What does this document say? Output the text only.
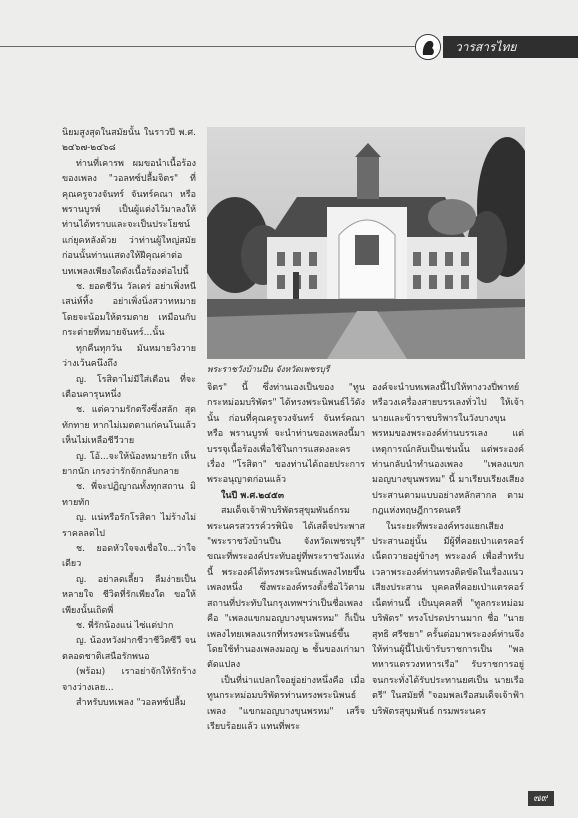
วารสารไทย

นิยมสูงสุดในสมัยนั้น ในราวปี พ.ศ. ๒๔๖๗-๒๔๖๘

ท่านที่เคารพ ผมขอนำเนื้อร้องของเพลง "วอลทซ์ปลื้มจิตร" ที่คุณครูจวงจันทร์ จันทร์คณา หรือ พรานบูรพ์ เป็นผู้แต่งไว้มาลงให้ท่านได้ทราบและจะเป็นประโยชน์แก่ยุคหลังด้วย ว่าท่านผู้ใหญ่สมัยก่อนนั้นท่านแสดงให้ฝีคุณค่าต่อบทเพลงเพียงใดดังเนื้อร้องต่อไปนี้

ช. ยอดชีวัน วัลเดร่ อย่าเพิ่งหนีเสน่ห์ทิ้ง อย่าเพิ่งนิ่งสวาทหมาย โดยจะน้อมให้ตรมตาย เหมือนกับกระต่ายที่หมายจันทร์...นั้น

ทุกคืนทุกวัน มันหมายวิงวายว่างเว้นคนึงถึง

ญ. โรสิตาไม่มีใส่เตือน ที่จะเตือนคารุนหนึ่ง

ช. แต่ความรักตรึงซึ่งสลัก สุดทักทาย หากไม่เมตตาแก่คนโนแล้วเห็นไม่เหลือชีวีวาย

ญ. โอ้...จะให้น้องหมายรัก เห็นยากนัก เกรงว่ารักจักกลับกลาย

ช. พี่จะปฏิญาณทั้งทุกสถาน มิทายทัก

ญ. แน่หรือรักโรสิตา ไม่ร้างไม่ราคลลดไป

ช. ยอดหัวใจจงเชื่อใจ...ว่าใจเดียว

ญ. อย่าลดเลี้ยว ลืมง่ายเป็นหลายใจ ชีวิตที่รักเพียงใด ขอให้เพียงนั้นเถิดพี่

ช. พี่รักน้องแน่ ไซ่แต่ปาก

ญ. น้องหวังฝากชีวาชีวิตซีวี จนตลอดชาติเสนือรักพนอ

(พร้อม) เราอย่าจักให้รักร้างจางว่างเลย...

สำหรับบทเพลง "วอลทซ์ปลื้ม

พระราชวังบ้านปืน จังหวัดเพชรบุรี

จิตร" นี้ ซึ่งท่านเองเป็นของ "ทูนกระหม่อมบริพัตร" ได้ทรงพระนิพนธ์ไว้ดังนั้น ก่อนที่คุณครูจวงจันทร์ จันทร์คณา หรือ พรานบูรพ์ จะนำท่านของเพลงนี้มาบรรจุเนื้อร้องเพื่อใช้ในการแสดงละครเรื่อง "โรสิตา" ของท่านได้ถอยประการพระอนุญาตก่อนแล้ว

ในปี พ.ศ.๒๔๕๓

สมเด็จเจ้าฟ้าบริพัตรสุขุมพันธ์กรมพระนครสวรรค์วรพินิจ ได้เสด็จประพาส "พระราชวังบ้านปืน จังหวัดเพชรบุรี" ขณะที่พระองค์ประทับอยู่ที่พระราชวังแห่งนี้ พระองค์ได้ทรงพระนิพนธ์เพลงไทยขึ้นเพลงหนึ่ง ซึ่งพระองค์ทรงตั้งชื่อไว้ตามสถานที่ประทับในกรุงเทพฯว่าเป็นชื่อเพลงคือ "เพลงแขกมอญบางขุนพรหม" ก็เป็นเพลงไทยเพลงแรกที่ทรงพระนิพนธ์ขึ้น โดยใช้ทำนองเพลงมอญ ๒ ชั้นของเก่ามาตัดแปลง

เป็นที่น่าแปลกใจอยู่อย่างหนึ่งคือ เมื่อทูนกระหม่อมบริพัตรท่านทรงพระนิพนธ์เพลง "แขกมอญบางขุนพรหม" เสร็จเรียบร้อยแล้ว แทนที่พระ

องค์จะนำบทเพลงนี้ไปให้ทางวงปี่พาทย์หรือวงเครื่องสายบรรเลงทั่วไป ให้เจ้านายและข้าราชบริพารในวังบางขุนพรหมของพระองค์ท่านบรรเลง แต่เหตุการณ์กลับเป็นเช่นนั้น แต่พระองค์ท่านกลับนำทำนองเพลง "เพลงแขกมอญบางขุนพรหม" นี้ มาเรียบเรียงเสียงประสานตามแบบอย่างหลักสากล ตามกฎแห่งทฤษฎีการดนตรี

ในระยะที่พระองค์ทรงแยกเสียงประสานอยู่นั้น มีผู้ที่คอยเป่าแตรคอร์เน็ตถวายอยู่ข้างๆ พระองค์ เพื่อสำหรับเวลาพระองค์ท่านทรงติดขัดในเรื่องแนวเสียงประสาน บุคคลที่คอยเป่าแตรคอร์เน็ตท่านนี้ เป็นบุคคลที่ "ทูลกระหม่อมบริพัตร" ทรงโปรดปรานมาก ชื่อ "นายสุทธิ ศรีชยา" ครั้นต่อมาพระองค์ท่านจึงให้ท่านผู้นี้ไปเข้ารับราชการเป็น "พลทหารแตรวงทหารเรือ" รับราชการอยู่จนกระทั่งได้รับประทานยศเป็น นายเรือตรี" ในสมัยที่ "จอมพลเรือสมเด็จเจ้าฟ้าบริพัตรสุขุมพันธ์ กรมพระนคร

๗๙
